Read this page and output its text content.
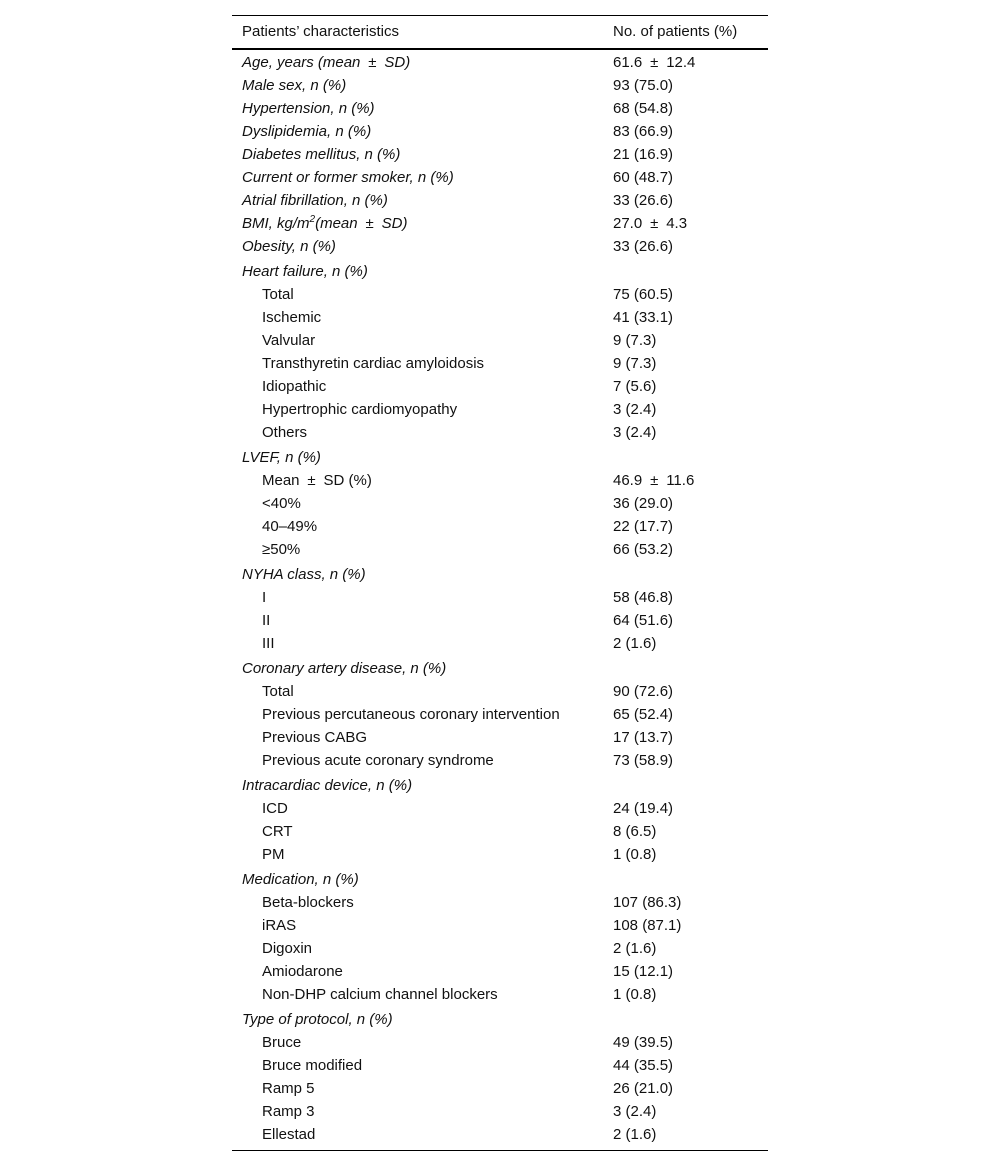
Patients’ characteristics	No. of patients (%)
Age, years (mean ± SD)	61.6 ± 12.4
Male sex, n (%)	93 (75.0)
Hypertension, n (%)	68 (54.8)
Dyslipidemia, n (%)	83 (66.9)
Diabetes mellitus, n (%)	21 (16.9)
Current or former smoker, n (%)	60 (48.7)
Atrial fibrillation, n (%)	33 (26.6)
BMI, $kg/m^2(mean \pm SD)$	27.0 ± 4.3
Obesity, n (%)	33 (26.6)
Heart failure, n (%)
Total	75 (60.5)
Ischemic	41 (33.1)
Valvular	9 (7.3)
Transthyretin cardiac amyloidosis	9 (7.3)
Idiopathic	7 (5.6)
Hypertrophic cardiomyopathy	3 (2.4)
Others	3 (2.4)
LVEF, n (%)
Mean ± SD (%)	46.9 ± 11.6
<40%	36 (29.0)
40–49%	22 (17.7)
≥50%	66 (53.2)
NYHA class, n (%)
I	58 (46.8)
II	64 (51.6)
III	2 (1.6)
Coronary artery disease, n (%)
Total	90 (72.6)
Previous percutaneous coronary intervention	65 (52.4)
Previous CABG	17 (13.7)
Previous acute coronary syndrome	73 (58.9)
Intracardiac device, n (%)
ICD	24 (19.4)
CRT	8 (6.5)
PM	1 (0.8)
Medication, n (%)
Beta-blockers	107 (86.3)
iRAS	108 (87.1)
Digoxin	2 (1.6)
Amiodarone	15 (12.1)
Non-DHP calcium channel blockers	1 (0.8)
Type of protocol, n (%)
Bruce	49 (39.5)
Bruce modified	44 (35.5)
Ramp 5	26 (21.0)
Ramp 3	3 (2.4)
Ellestad	2 (1.6)
